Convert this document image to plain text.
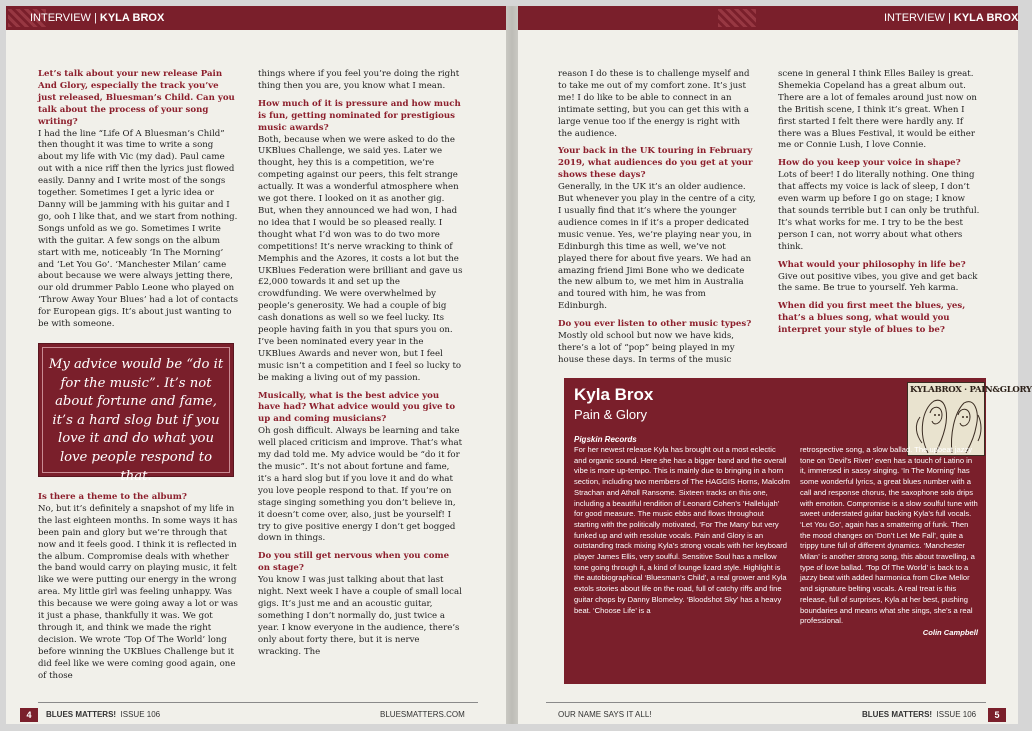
INTERVIEW | KYLA BROX

Let’s talk about your new release Pain And Glory, especially the track you’ve just released, Bluesman’s Child. Can you talk about the process of your song writing?

I had the line “Life Of A Bluesman’s Child” then thought it was time to write a song about my life with Vic (my dad). Paul came out with a nice riff then the lyrics just flowed easily. Danny and I write most of the songs together. Sometimes I get a lyric idea or Danny will be jamming with his guitar and I go, ooh I like that, and we start from nothing. Songs unfold as we go. Sometimes I write with the guitar. A few songs on the album start with me, noticeably ‘In The Morning’ and ‘Let You Go’. ‘Manchester Milan’ came about because we were always jetting there, our old drummer Pablo Leone who played on ‘Throw Away Your Blues’ had a lot of contacts for European gigs. It’s about just wanting to be with someone.

My advice would be “do it for the music”. It’s not about fortune and fame, it’s a hard slog but if you love it and do what you love people respond to that.

Is there a theme to the album?

No, but it’s definitely a snapshot of my life in the last eighteen months. In some ways it has been pain and glory but we’re through that now and it feels good. I think it is reflected in the album. Compromise deals with whether the band would carry on playing music, it felt like we were putting our energy in the wrong area. My little girl was feeling unhappy. Was this because we were going away a lot or was it just a phase, thankfully it was. We got through it, and think we made the right decision. We wrote ‘Top Of The World’ long before winning the UKBlues Challenge but it did feel like we were coming good again, one of those

things where if you feel you’re doing the right thing then you are, you know what I mean.

How much of it is pressure and how much is fun, getting nominated for prestigious music awards?

Both, because when we were asked to do the UKBlues Challenge, we said yes. Later we thought, hey this is a competition, we’re competing against our peers, this felt strange actually. It was a wonderful atmosphere when we got there. I looked on it as another gig. But, when they announced we had won, I had no idea that I would be so pleased really. I thought what I’d won was to do two more competitions! It’s nerve wracking to think of Memphis and the Azores, it costs a lot but the UKBlues Federation were brilliant and gave us £2,000 towards it and set up the crowdfunding. We were overwhelmed by people’s generosity. We had a couple of big cash donations as well so we feel lucky. Its people having faith in you that spurs you on. I’ve been nominated every year in the UKBlues Awards and never won, but I feel music isn’t a competition and I feel so lucky to be making a living out of my passion.

Musically, what is the best advice you have had? What advice would you give to up and coming musicians?

Oh gosh difficult. Always be learning and take well placed criticism and improve. That’s what my dad told me. My advice would be “do it for the music”. It’s not about fortune and fame, it’s a hard slog but if you love it and do what you love people respond to that. If you’re on stage singing something you don’t believe in, it doesn’t come over, also, just be yourself! I try to give positive energy I don’t get bogged down in things.

Do you still get nervous when you come on stage?

You know I was just talking about that last night. Next week I have a couple of small local gigs. It’s just me and an acoustic guitar, something I don’t normally do, just twice a year. I know everyone in the audience, there’s only about forty there, but it is nerve wracking. The

4	BLUES MATTERS! ISSUE 106	BLUESMATTERS.COM
INTERVIEW | KYLA BROX

reason I do these is to challenge myself and to take me out of my comfort zone. It’s just me! I do like to be able to connect in an intimate setting, but you can get this with a large venue too if the energy is right with the audience.

Your back in the UK touring in February 2019, what audiences do you get at your shows these days?

Generally, in the UK it’s an older audience. But whenever you play in the centre of a city, I usually find that it’s where the younger audience comes in if it’s a proper dedicated music venue. Yes, we’re playing near you, in Edinburgh this time as well, we’ve not played there for about five years. We had an amazing friend Jimi Bone who we dedicate the new album to, we met him in Australia and toured with him, he was from Edinburgh.

Do you ever listen to other music types?

Mostly old school but now we have kids, there’s a lot of “pop” being played in my house these days. In terms of the music

scene in general I think Elles Bailey is great. Shemekia Copeland has a great album out. There are a lot of females around just now on the British scene, I think it’s great. When I first started I felt there were hardly any. If there was a Blues Festival, it would be either me or Connie Lush, I love Connie.

How do you keep your voice in shape?

Lots of beer! I do literally nothing. One thing that affects my voice is lack of sleep, I don’t even warm up before I go on stage; I know that sounds terrible but I can only be truthful. It’s what works for me. I try to be the best person I can, not worry about what others think.

What would your philosophy in life be?

Give out positive vibes, you give and get back the same. Be true to yourself. Yeh karma.

When did you first meet the blues, yes, that’s a blues song, what would you interpret your style of blues to be?

Kyla Brox
Pain & Glory
Pigskin Records
KYLABROX · PAIN&GLORY
For her newest release Kyla has brought out a most eclectic and organic sound. Here she has a bigger band and the overall vibe is more up-tempo. This is mainly due to bringing in a horn section, including two members of The HAGGIS Horns, Malcolm Strachan and Atholl Ransome. Sixteen tracks on this one, including a beautiful rendition of Leonard Cohen’s ‘Hallelujah’ for good measure. The music ebbs and flows throughout starting with the politically motivated, ‘For The Many’ but very funked up and with resolute vocals. Pain and Glory is an outstanding track mixing Kyla’s strong vocals with her keyboard player James Ellis, very soulful. Sensitive Soul has a mellow tone going through it, a kind of lounge lizard style. Highlight is the autobiographical ‘Bluesman’s Child’, a real grower and Kyla extols stories about life on the road, full of catchy riffs and fine guitar chops by Danny Blomeley. ‘Bloodshot Sky’ has a heavy beat. ‘Choose Life’ is a
retrospective song, a slow ballad. The upbeat jazzy tone on ‘Devil’s River’ even has a touch of Latino in it, immersed in sassy singing. ‘In The Morning’ has some wonderful lyrics, a great blues number with a call and response chorus, the saxophone solo drips with emotion. Compromise is a slow soulful tune with sweet understated guitar backing Kyla’s full vocals. ‘Let You Go’, again has a smattering of funk. Then the mood changes on ‘Don’t Let Me Fall’, quite a trippy tune full of different dynamics. ‘Manchester Milan’ is another strong song, this about travelling, a type of love ballad. ‘Top Of The World’ is back to a jazzy beat with added harmonica from Clive Mellor and signature belting vocals. A real treat is this release, full of surprises, Kyla at her best, pushing boundaries and means what she sings, she’s a real professional.
Colin Campbell
OUR NAME SAYS IT ALL!	BLUES MATTERS! ISSUE 106	5
